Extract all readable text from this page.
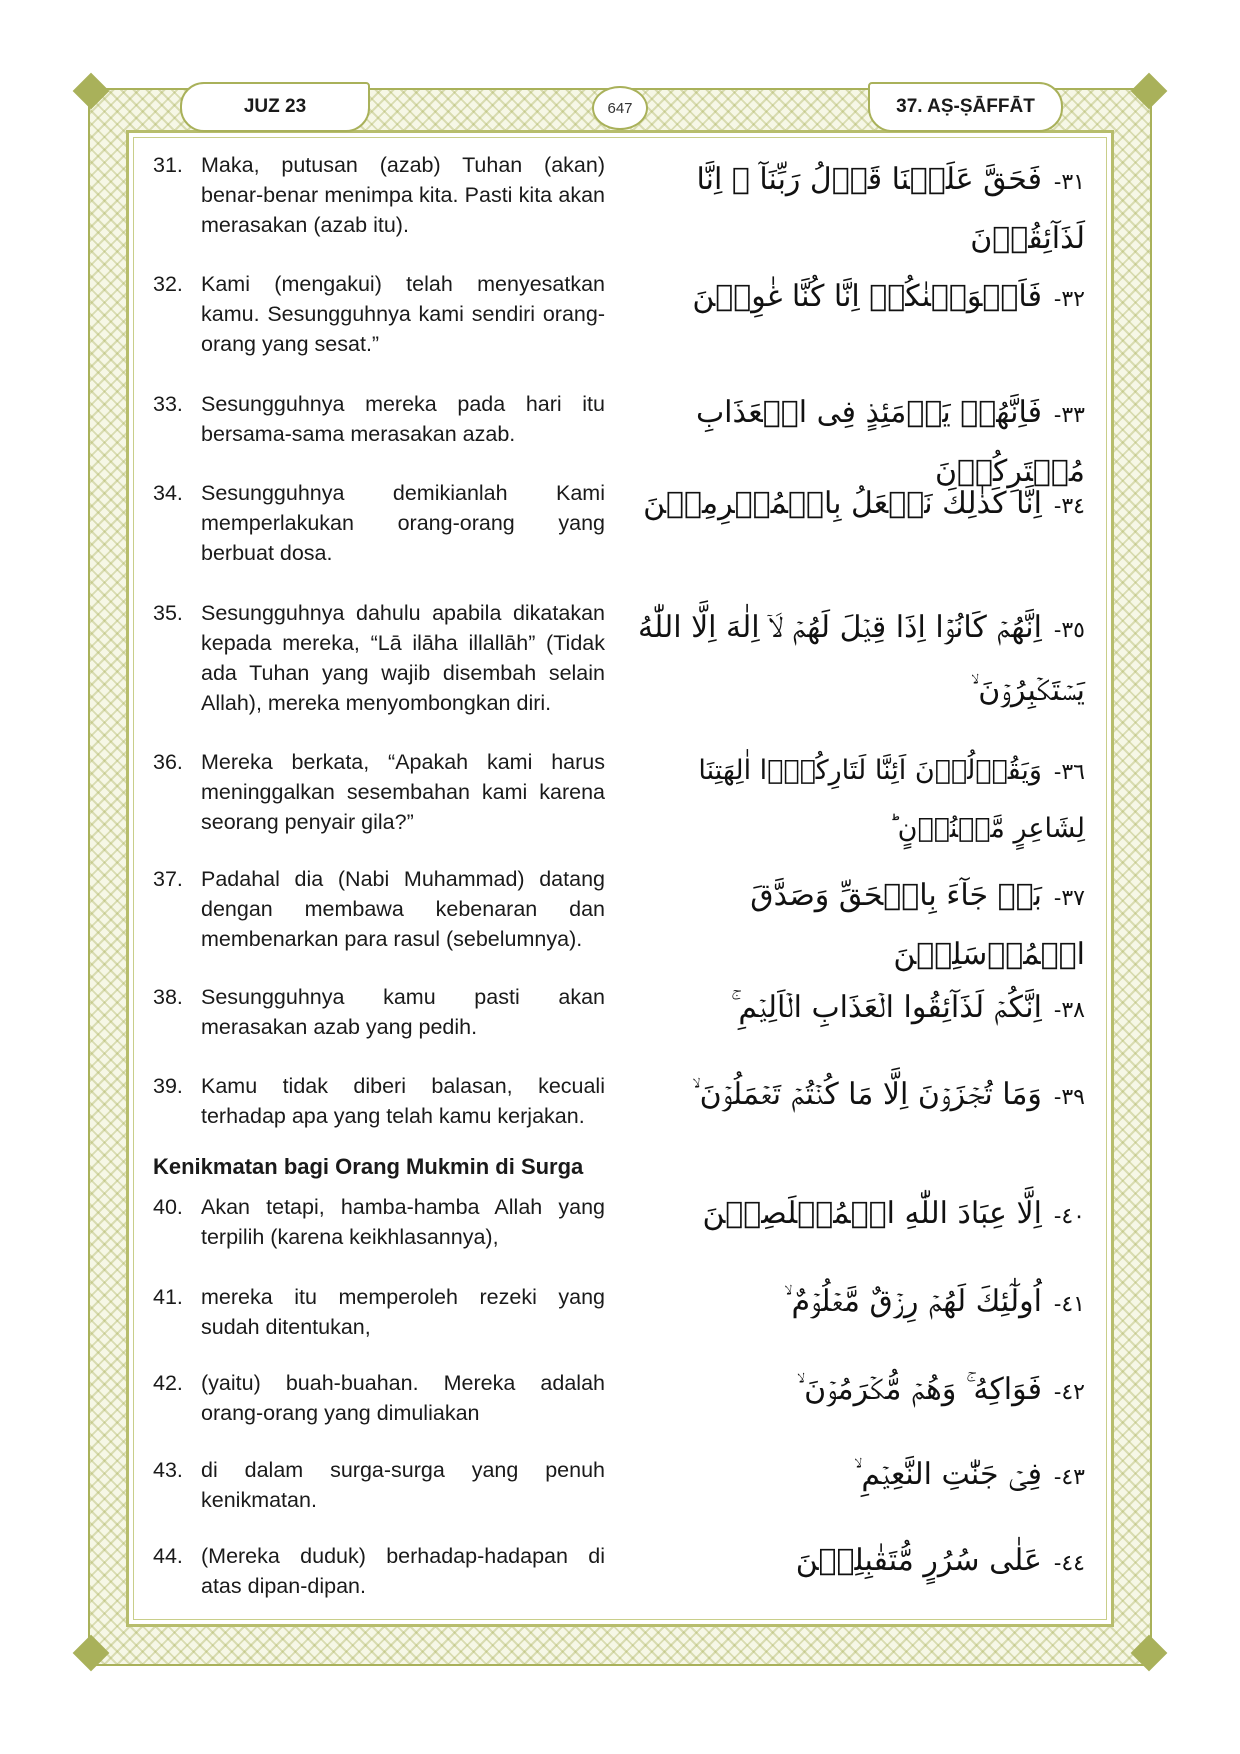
JUZ 23	647	37. AṢ-ṢĀFFĀT
31. Maka, putusan (azab) Tuhan (akan) benar-benar menimpa kita. Pasti kita akan merasakan (azab itu).
٣١-فَحَقَّ عَلَيۡنَا قَوۡلُ رَبِّنَآ ۖ اِنَّا لَذَآئِقُوۡنَ
32. Kami (mengakui) telah menyesatkan kamu. Sesungguhnya kami sendiri orang-orang yang sesat.”
٣٢-فَاَغۡوَيۡنٰكُمۡ اِنَّا كُنَّا غٰوِيۡنَ
33. Sesungguhnya mereka pada hari itu bersama-sama merasakan azab.
٣٣-فَاِنَّهُمۡ يَوۡمَئِذٍ فِى الۡعَذَابِ مُشۡتَرِكُوۡنَ
34. Sesungguhnya demikianlah Kami memperlakukan orang-orang yang berbuat dosa.
٣٤-اِنَّا كَذٰلِكَ نَفۡعَلُ بِالۡمُجۡرِمِيۡنَ
35. Sesungguhnya dahulu apabila dikatakan kepada mereka, “Lā ilāha illallāh” (Tidak ada Tuhan yang wajib disembah selain Allah), mereka menyombongkan diri.
٣٥-اِنَّهُمۡ كَانُوۡۤا اِذَا قِيۡلَ لَهُمۡ لَاۤ اِلٰهَ اِلَّا اللّٰهُ يَسۡتَكۡبِرُوۡنَ ۙ
36. Mereka berkata, “Apakah kami harus meninggalkan sesembahan kami karena seorang penyair gila?”
٣٦-وَيَقُوۡلُوۡنَ اَئِنَّا لَتَارِكُوۡۤا اٰلِهَتِنَا لِشَاعِرٍ مَّجۡنُوۡنٍ ؕ
37. Padahal dia (Nabi Muhammad) datang dengan membawa kebenaran dan membenarkan para rasul (sebelumnya).
٣٧-بَلۡ جَآءَ بِالۡحَقِّ وَصَدَّقَ الۡمُرۡسَلِيۡنَ
38. Sesungguhnya kamu pasti akan merasakan azab yang pedih.
٣٨-اِنَّكُمۡ لَذَآئِقُوا الۡعَذَابِ الۡاَلِيۡمِ ۚ
39. Kamu tidak diberi balasan, kecuali terhadap apa yang telah kamu kerjakan.
٣٩-وَمَا تُجۡزَوۡنَ اِلَّا مَا كُنۡتُمۡ تَعۡمَلُوۡنَ ۙ
Kenikmatan bagi Orang Mukmin di Surga
40. Akan tetapi, hamba-hamba Allah yang terpilih (karena keikhlasannya),
٤٠-اِلَّا عِبَادَ اللّٰهِ الۡمُخۡلَصِيۡنَ
41. mereka itu memperoleh rezeki yang sudah ditentukan,
٤١-اُولٰٓئِكَ لَهُمۡ رِزۡقٌ مَّعۡلُوۡمٌ ۙ
42. (yaitu) buah-buahan. Mereka adalah orang-orang yang dimuliakan
٤٢-فَوَاكِهُ ۚ وَهُمۡ مُّكۡرَمُوۡنَ ۙ
43. di dalam surga-surga yang penuh kenikmatan.
٤٣-فِىۡ جَنّٰتِ النَّعِيۡمِ ۙ
44. (Mereka duduk) berhadap-hadapan di atas dipan-dipan.
٤٤-عَلٰى سُرُرٍ مُّتَقٰبِلِيۡنَ
